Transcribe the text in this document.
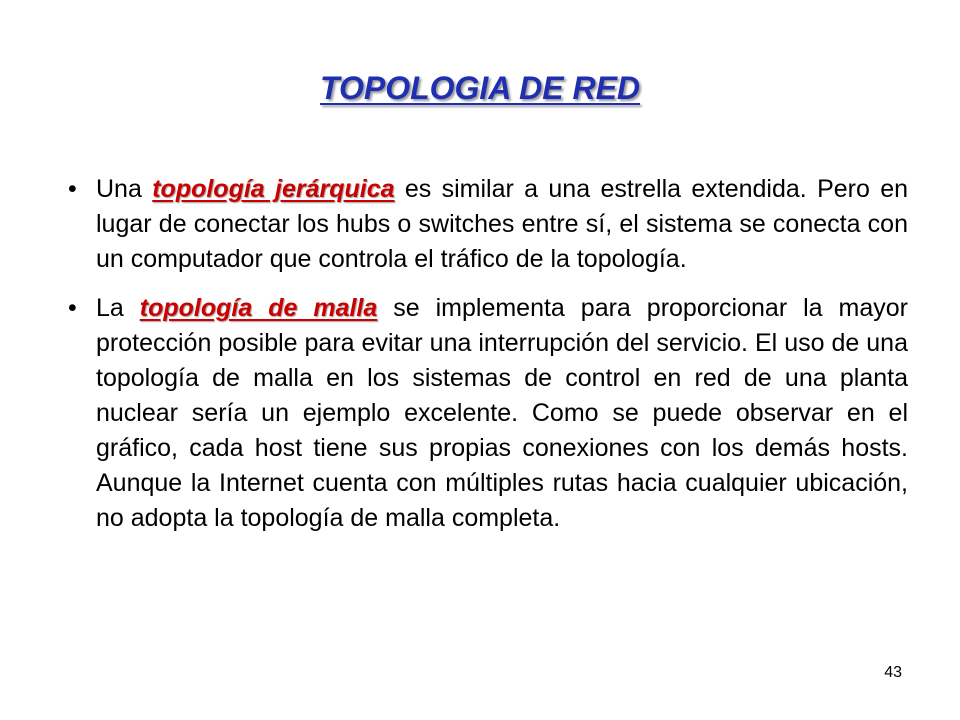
TOPOLOGIA DE RED
• Una topología jerárquica es similar a una estrella extendida. Pero en lugar de conectar los hubs o switches entre sí, el sistema se conecta con un computador que controla el tráfico de la topología.
• La topología de malla se implementa para proporcionar la mayor protección posible para evitar una interrupción del servicio. El uso de una topología de malla en los sistemas de control en red de una planta nuclear sería un ejemplo excelente. Como se puede observar en el gráfico, cada host tiene sus propias conexiones con los demás hosts. Aunque la Internet cuenta con múltiples rutas hacia cualquier ubicación, no adopta la topología de malla completa.
43
